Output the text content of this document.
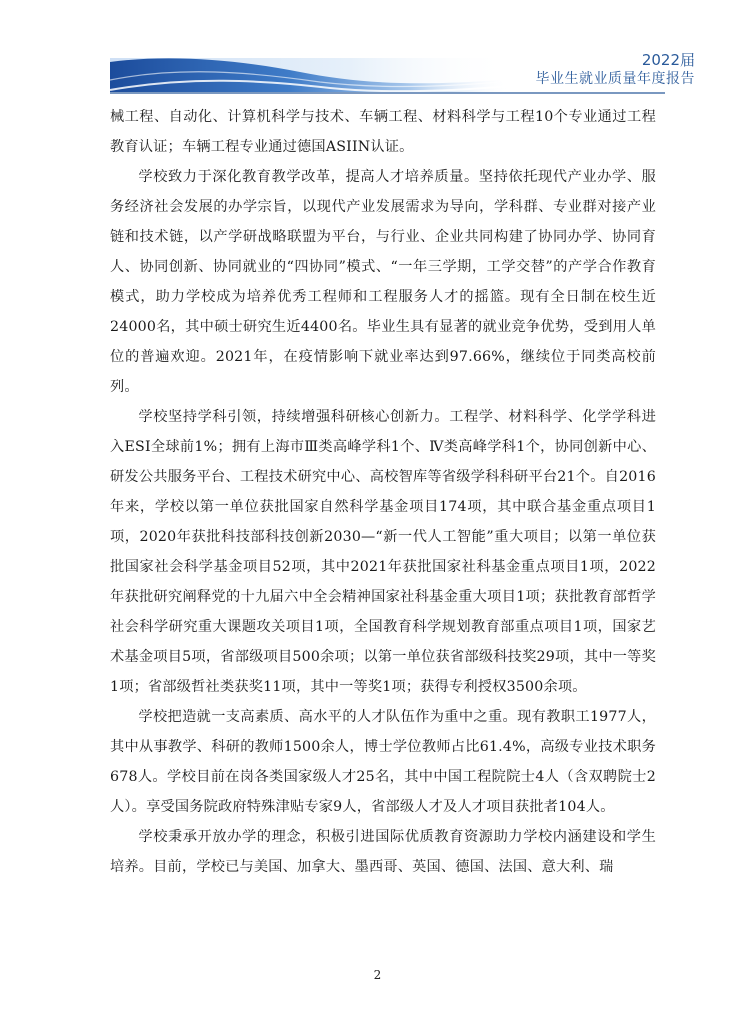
2022届
毕业生就业质量年度报告

械工程、自动化、计算机科学与技术、车辆工程、材料科学与工程10个专业通过工程教育认证；车辆工程专业通过德国ASIIN认证。

学校致力于深化教育教学改革，提高人才培养质量。坚持依托现代产业办学、服务经济社会发展的办学宗旨，以现代产业发展需求为导向，学科群、专业群对接产业链和技术链，以产学研战略联盟为平台，与行业、企业共同构建了协同办学、协同育人、协同创新、协同就业的“四协同”模式、“一年三学期，工学交替”的产学合作教育模式，助力学校成为培养优秀工程师和工程服务人才的摇篮。现有全日制在校生近24000名，其中硕士研究生近4400名。毕业生具有显著的就业竞争优势，受到用人单位的普遍欢迎。2021年，在疫情影响下就业率达到97.66%，继续位于同类高校前列。

学校坚持学科引领，持续增强科研核心创新力。工程学、材料科学、化学学科进入ESI全球前1%；拥有上海市Ⅲ类高峰学科1个、Ⅳ类高峰学科1个，协同创新中心、研发公共服务平台、工程技术研究中心、高校智库等省级学科科研平台21个。自2016年来，学校以第一单位获批国家自然科学基金项目174项，其中联合基金重点项目1项，2020年获批科技部科技创新2030—“新一代人工智能”重大项目；以第一单位获批国家社会科学基金项目52项，其中2021年获批国家社科基金重点项目1项，2022年获批研究阐释党的十九届六中全会精神国家社科基金重大项目1项；获批教育部哲学社会科学研究重大课题攻关项目1项，全国教育科学规划教育部重点项目1项，国家艺术基金项目5项，省部级项目500余项；以第一单位获省部级科技奖29项，其中一等奖1项；省部级哲社类获奖11项，其中一等奖1项；获得专利授权3500余项。

学校把造就一支高素质、高水平的人才队伍作为重中之重。现有教职工1977人，其中从事教学、科研的教师1500余人，博士学位教师占比61.4%，高级专业技术职务678人。学校目前在岗各类国家级人才25名，其中中国工程院院士4人（含双聘院士2人）。享受国务院政府特殊津贴专家9人，省部级人才及人才项目获批者104人。

学校秉承开放办学的理念，积极引进国际优质教育资源助力学校内涵建设和学生培养。目前，学校已与美国、加拿大、墨西哥、英国、德国、法国、意大利、瑞

2
